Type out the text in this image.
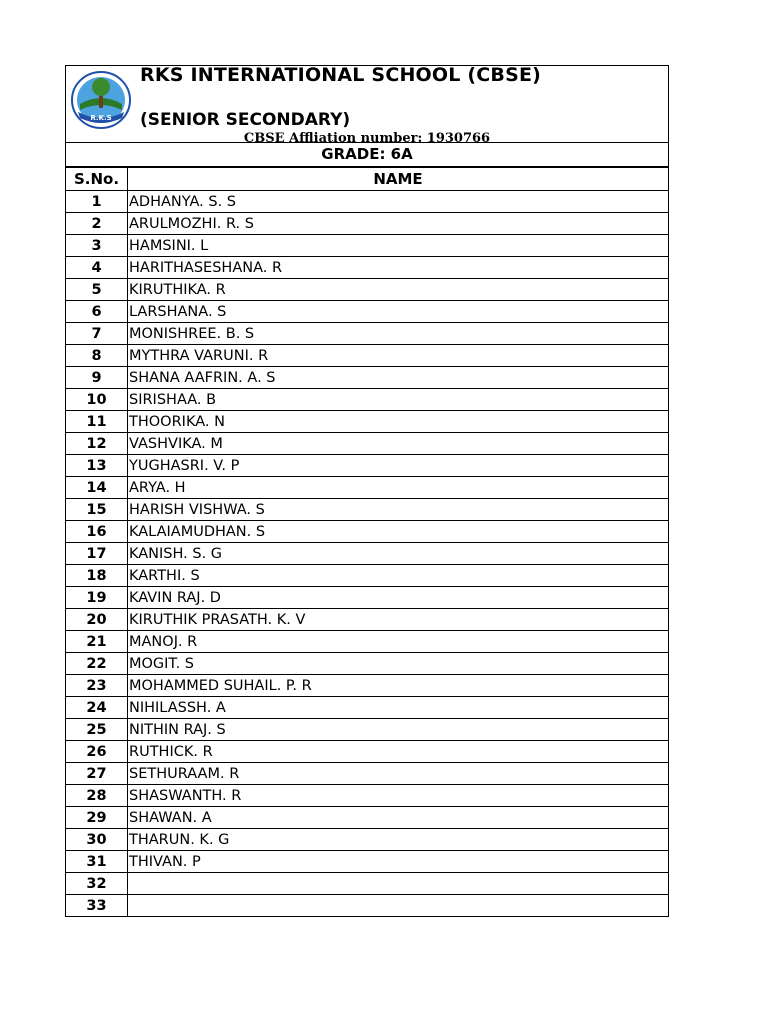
RKS INTERNATIONAL SCHOOL (CBSE)
(SENIOR SECONDARY)
CBSE Affliation number: 1930766
R.K.S
GRADE: 6A
S.No.	NAME
1	ADHANYA. S. S
2	ARULMOZHI. R. S
3	HAMSINI. L
4	HARITHASESHANA. R
5	KIRUTHIKA. R
6	LARSHANA. S
7	MONISHREE. B. S
8	MYTHRA VARUNI. R
9	SHANA AAFRIN. A. S
10	SIRISHAA. B
11	THOORIKA. N
12	VASHVIKA. M
13	YUGHASRI. V. P
14	ARYA. H
15	HARISH VISHWA. S
16	KALAIAMUDHAN. S
17	KANISH. S. G
18	KARTHI. S
19	KAVIN RAJ. D
20	KIRUTHIK PRASATH. K. V
21	MANOJ. R
22	MOGIT. S
23	MOHAMMED SUHAIL. P. R
24	NIHILASSH. A
25	NITHIN RAJ. S
26	RUTHICK. R
27	SETHURAAM. R
28	SHASWANTH. R
29	SHAWAN. A
30	THARUN. K. G
31	THIVAN. P
32	
33	
